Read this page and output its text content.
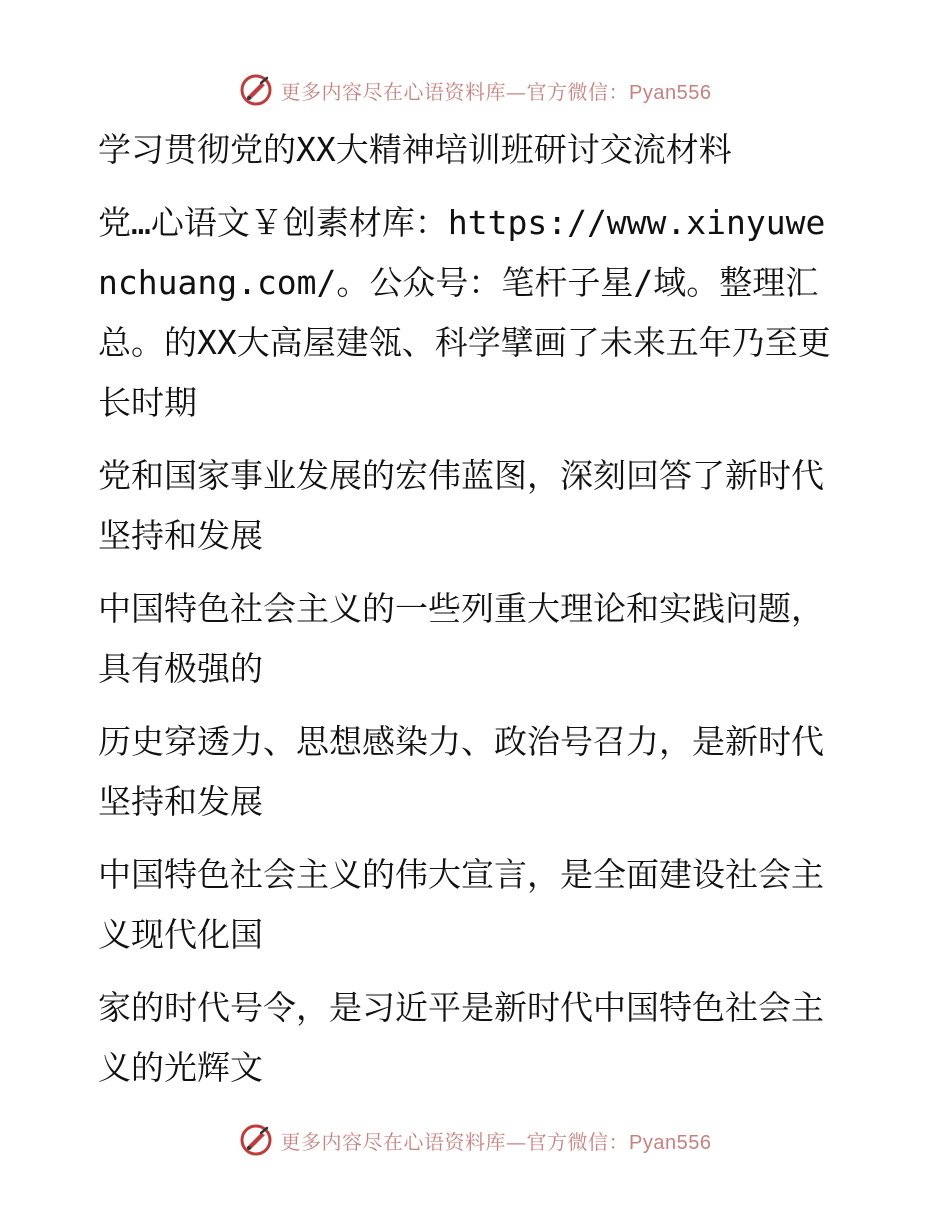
更多内容尽在心语资料库—官方微信：Pyan556

学习贯彻党的XX大精神培训班研讨交流材料

党…心语文￥创素材库：https://www.xinyuwenchuang.com/。公众号：笔杆子星/域。整理汇总。的XX大高屋建瓴、科学擘画了未来五年乃至更长时期

党和国家事业发展的宏伟蓝图，深刻回答了新时代坚持和发展

中国特色社会主义的一些列重大理论和实践问题，具有极强的

历史穿透力、思想感染力、政治号召力，是新时代坚持和发展

中国特色社会主义的伟大宣言，是全面建设社会主义现代化国

家的时代号令，是习近平是新时代中国特色社会主义的光辉文

更多内容尽在心语资料库—官方微信：Pyan556
